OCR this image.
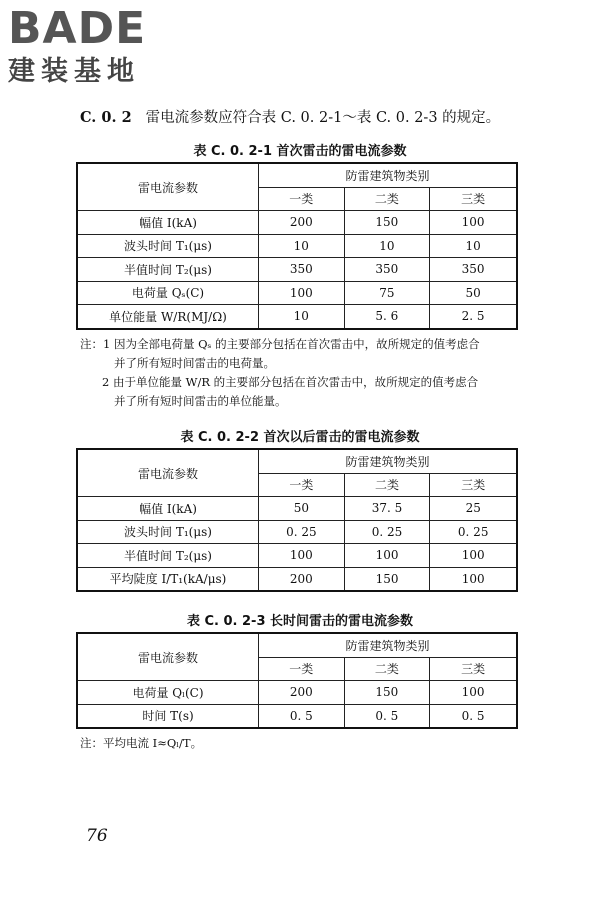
BADE
建装基地
C. 0. 2 雷电流参数应符合表 C. 0. 2-1～表 C. 0. 2-3 的规定。
表 C. 0. 2-1 首次雷击的雷电流参数
雷电流参数	防雷建筑物类别		
	一类	二类	三类
幅值 I(kA)	200	150	100
波头时间 T₁(μs)	10	10	10
半值时间 T₂(μs)	350	350	350
电荷量 Qₛ(C)	100	75	50
单位能量 W/R(MJ/Ω)	10	5. 6	2. 5
注：1 因为全部电荷量 Qₛ 的主要部分包括在首次雷击中，故所规定的值考虑合
并了所有短时间雷击的电荷量。
2 由于单位能量 W/R 的主要部分包括在首次雷击中，故所规定的值考虑合
并了所有短时间雷击的单位能量。
表 C. 0. 2-2 首次以后雷击的雷电流参数
雷电流参数	防雷建筑物类别		
	一类	二类	三类
幅值 I(kA)	50	37. 5	25
波头时间 T₁(μs)	0. 25	0. 25	0. 25
半值时间 T₂(μs)	100	100	100
平均陡度 I/T₁(kA/μs)	200	150	100
表 C. 0. 2-3 长时间雷击的雷电流参数
雷电流参数	防雷建筑物类别		
	一类	二类	三类
电荷量 Qₗ(C)	200	150	100
时间 T(s)	0. 5	0. 5	0. 5
注：平均电流 I≈Qₗ/T。
76
